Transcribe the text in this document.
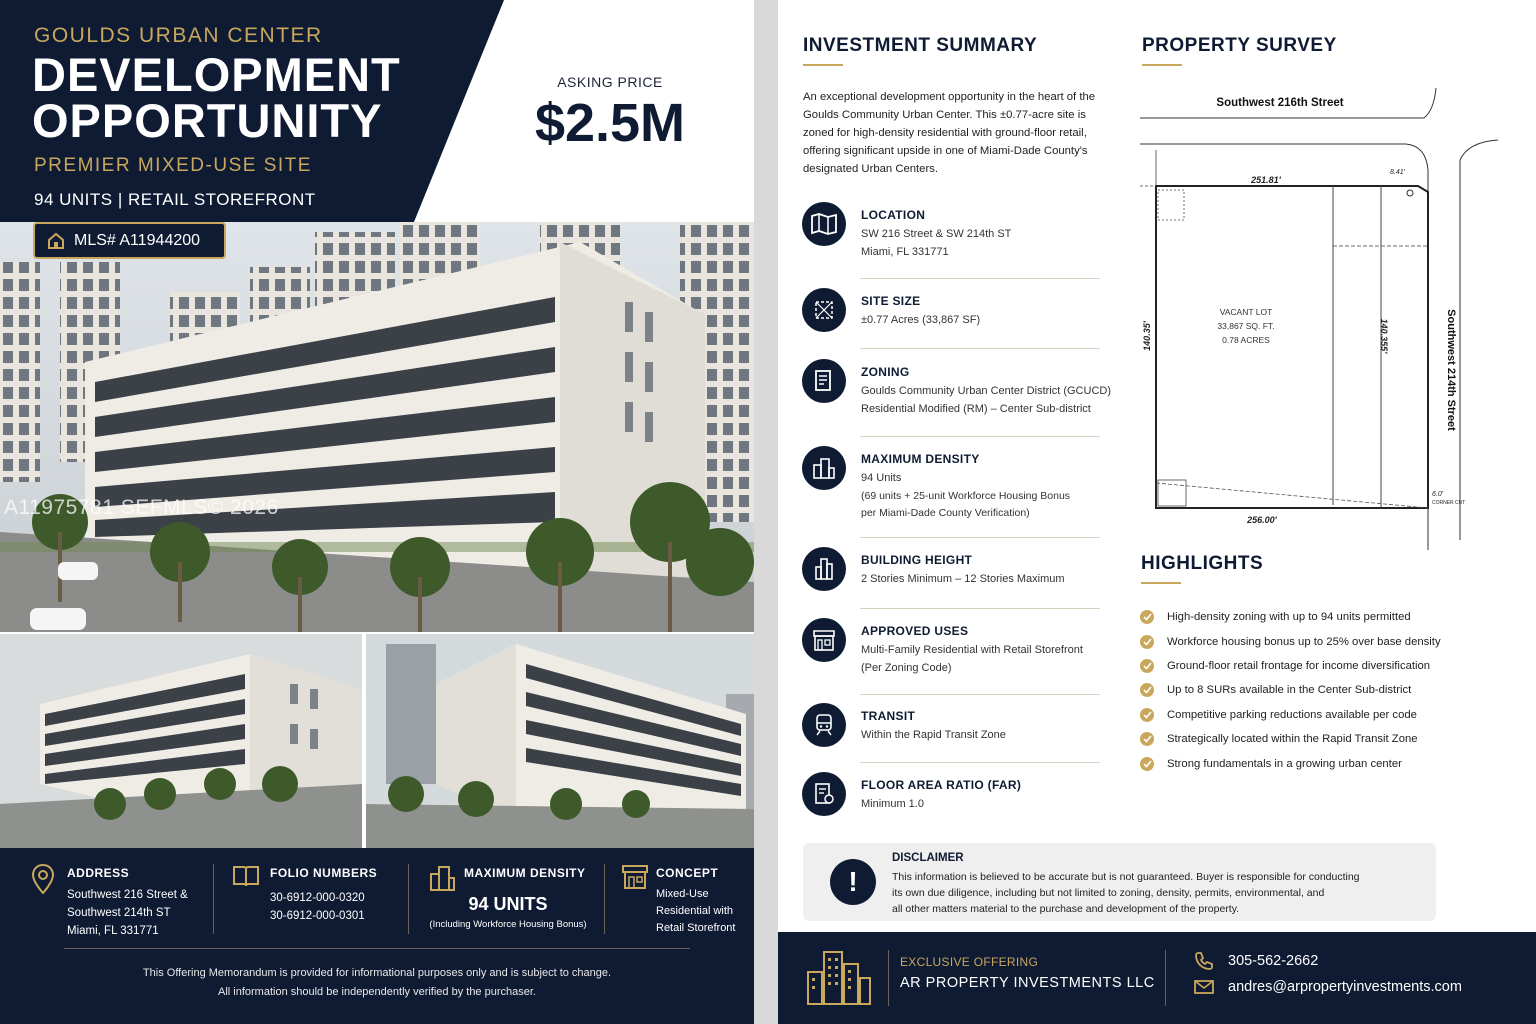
GOULDS URBAN CENTER
DEVELOPMENT
OPPORTUNITY
PREMIER MIXED-USE SITE
94 UNITS | RETAIL STOREFRONT
ASKING PRICE
$2.5M
A11975781 SEFMLS© 2026
ADDRESS
Southwest 216 Street &
Southwest 214th ST
Miami, FL 331771
FOLIO NUMBERS
30-6912-000-0320
30-6912-000-0301
MAXIMUM DENSITY
94 UNITS
(Including Workforce Housing Bonus)
CONCEPT
Mixed-Use
Residential with
Retail Storefront
This Offering Memorandum is provided for informational purposes only and is subject to change.
All information should be independently verified by the purchaser.
MLS# A11944200
INVESTMENT SUMMARY
An exceptional development opportunity in the heart of the Goulds Community Urban Center. This ±0.77-acre site is zoned for high-density residential with ground-floor retail, offering significant upside in one of Miami-Dade County's designated Urban Centers.
LOCATION
SW 216 Street & SW 214th ST
Miami, FL 331771
SITE SIZE
±0.77 Acres (33,867 SF)
ZONING
Goulds Community Urban Center District (GCUCD)
Residential Modified (RM) – Center Sub-district
MAXIMUM DENSITY
94 Units
(69 units + 25-unit Workforce Housing Bonus
per Miami-Dade County Verification)
BUILDING HEIGHT
2 Stories Minimum – 12 Stories Maximum
APPROVED USES
Multi-Family Residential with Retail Storefront
(Per Zoning Code)
TRANSIT
Within the Rapid Transit Zone
FLOOR AREA RATIO (FAR)
Minimum 1.0
PROPERTY SURVEY
Southwest 216th Street
251.81'
256.00'
140.35'	140.355'
VACANT LOT
33,867 SQ. FT.
0.78 ACRES	Southwest 214th Street
6.0'
CORNER CUT
8.41'
HIGHLIGHTS
High-density zoning with up to 94 units permitted
Workforce housing bonus up to 25% over base density
Ground-floor retail frontage for income diversification
Up to 8 SURs available in the Center Sub-district
Competitive parking reductions available per code
Strategically located within the Rapid Transit Zone
Strong fundamentals in a growing urban center
!
DISCLAIMER
This information is believed to be accurate but is not guaranteed. Buyer is responsible for conducting
its own due diligence, including but not limited to zoning, density, permits, environmental, and
all other matters material to the purchase and development of the property.
EXCLUSIVE OFFERING
AR PROPERTY INVESTMENTS LLC
305-562-2662
andres@arpropertyinvestments.com
